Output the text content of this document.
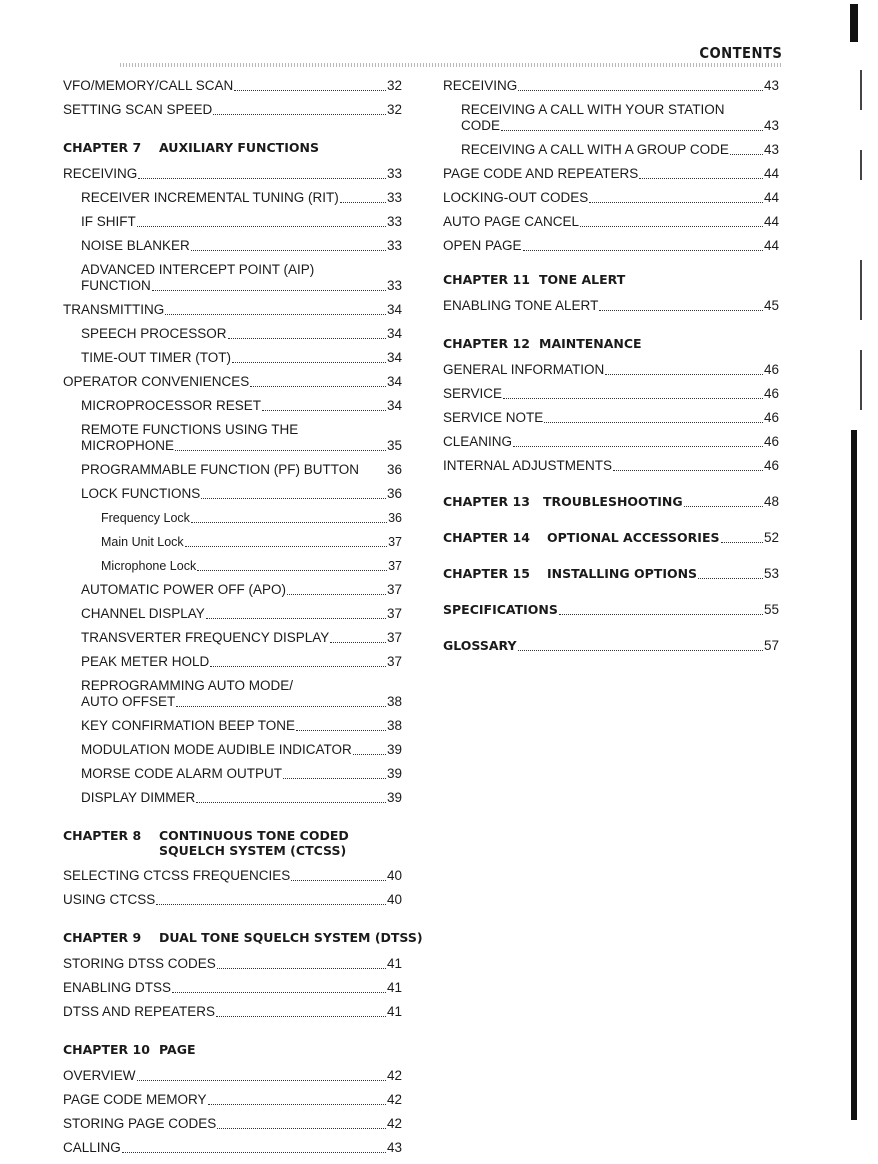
CONTENTS
VFO/MEMORY/CALL SCAN	32
SETTING SCAN SPEED	32
CHAPTER 7	AUXILIARY FUNCTIONS
RECEIVING	33
RECEIVER INCREMENTAL TUNING (RIT)	33
IF SHIFT	33
NOISE BLANKER	33
ADVANCED INTERCEPT POINT (AIP)
FUNCTION	33
TRANSMITTING	34
SPEECH PROCESSOR	34
TIME-OUT TIMER (TOT)	34
OPERATOR CONVENIENCES	34
MICROPROCESSOR RESET	34
REMOTE FUNCTIONS USING THE
MICROPHONE	35
PROGRAMMABLE FUNCTION (PF) BUTTON 36
LOCK FUNCTIONS	36
Frequency Lock	36
Main Unit Lock	37
Microphone Lock	37
AUTOMATIC POWER OFF (APO)	37
CHANNEL DISPLAY	37
TRANSVERTER FREQUENCY DISPLAY	37
PEAK METER HOLD	37
REPROGRAMMING AUTO MODE/
AUTO OFFSET	38
KEY CONFIRMATION BEEP TONE	38
MODULATION MODE AUDIBLE INDICATOR	39
MORSE CODE ALARM OUTPUT	39
DISPLAY DIMMER	39
CHAPTER 8	CONTINUOUS TONE CODED SQUELCH SYSTEM (CTCSS)
SELECTING CTCSS FREQUENCIES	40
USING CTCSS	40
CHAPTER 9	DUAL TONE SQUELCH SYSTEM (DTSS)
STORING DTSS CODES	41
ENABLING DTSS	41
DTSS AND REPEATERS	41
CHAPTER 10 PAGE
OVERVIEW	42
PAGE CODE MEMORY	42
STORING PAGE CODES	42
CALLING	43
RECEIVING	43
RECEIVING A CALL WITH YOUR STATION
CODE	43
RECEIVING A CALL WITH A GROUP CODE	43
PAGE CODE AND REPEATERS	44
LOCKING-OUT CODES	44
AUTO PAGE CANCEL	44
OPEN PAGE	44
CHAPTER 11 TONE ALERT
ENABLING TONE ALERT	45
CHAPTER 12 MAINTENANCE
GENERAL INFORMATION	46
SERVICE	46
SERVICE NOTE	46
CLEANING	46
INTERNAL ADJUSTMENTS	46
CHAPTER 13	TROUBLESHOOTING	48
CHAPTER 14	OPTIONAL ACCESSORIES	52
CHAPTER 15	INSTALLING OPTIONS	53
SPECIFICATIONS	55
GLOSSARY	57
